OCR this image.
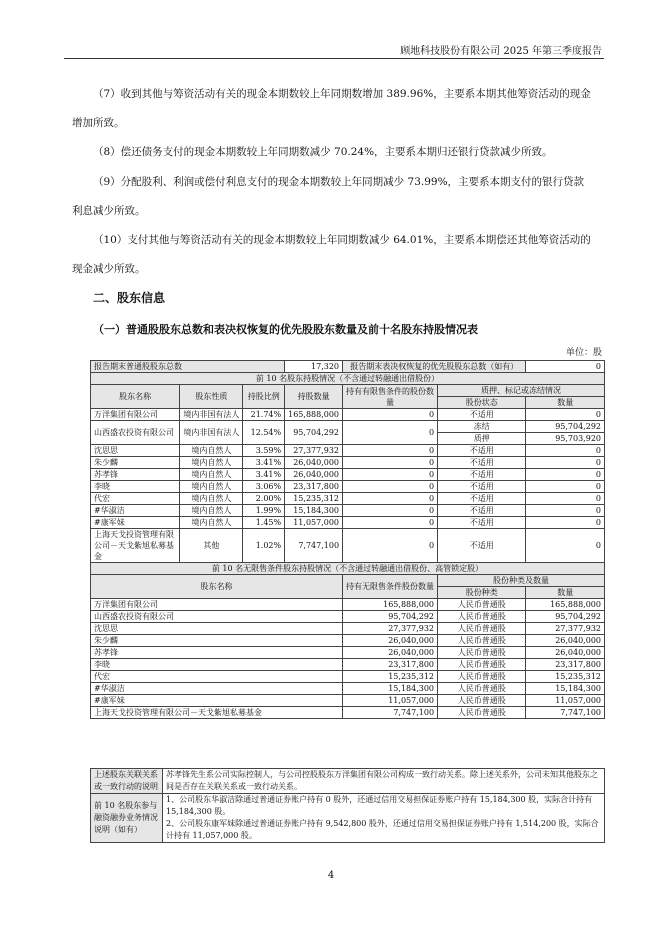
顾地科技股份有限公司 2025 年第三季度报告
（7）收到其他与筹资活动有关的现金本期数较上年同期数增加 389.96%，主要系本期其他筹资活动的现金增加所致。
（8）偿还债务支付的现金本期数较上年同期数减少 70.24%，主要系本期归还银行贷款减少所致。
（9）分配股利、利润或偿付利息支付的现金本期数较上年同期减少 73.99%，主要系本期支付的银行贷款利息减少所致。
（10）支付其他与筹资活动有关的现金本期数较上年同期数减少 64.01%，主要系本期偿还其他筹资活动的现金减少所致。
二、股东信息
（一）普通股股东总数和表决权恢复的优先股股东数量及前十名股东持股情况表
单位：股
报告期末普通股股东总数			17,320	报告期末表决权恢复的优先股股东总数（如有）		0
前 10 名股东持股情况（不含通过转融通出借股份）						
股东名称	股东性质	持股比例	持股数量	持有有限售条件的股份数量	质押、标记或冻结情况	
					股份状态	数量
万洋集团有限公司	境内非国有法人	21.74%	165,888,000	0	不适用	0
山西盛农投资有限公司	境内非国有法人	12.54%	95,704,292	0	冻结	95,704,292
					质押	95,703,920
沈思思	境内自然人	3.59%	27,377,932	0	不适用	0
朱少麟	境内自然人	3.41%	26,040,000	0	不适用	0
苏孝锋	境内自然人	3.41%	26,040,000	0	不适用	0
李晓	境内自然人	3.06%	23,317,800	0	不适用	0
代宏	境内自然人	2.00%	15,235,312	0	不适用	0
#华淑洁	境内自然人	1.99%	15,184,300	0	不适用	0
#康军妹	境内自然人	1.45%	11,057,000	0	不适用	0
上海天戈投资管理有限公司－天戈紫旭私募基金	其他	1.02%	7,747,100	0	不适用	0
前 10 名无限售条件股东持股情况（不含通过转融通出借股份、高管锁定股）						
股东名称				持有无限售条件股份数量	股份种类及数量	
					股份种类	数量
万洋集团有限公司				165,888,000	人民币普通股	165,888,000
山西盛农投资有限公司				95,704,292	人民币普通股	95,704,292
沈思思				27,377,932	人民币普通股	27,377,932
朱少麟				26,040,000	人民币普通股	26,040,000
苏孝锋				26,040,000	人民币普通股	26,040,000
李晓				23,317,800	人民币普通股	23,317,800
代宏				15,235,312	人民币普通股	15,235,312
#华淑洁				15,184,300	人民币普通股	15,184,300
#康军妹				11,057,000	人民币普通股	11,057,000
上海天戈投资管理有限公司－天戈紫旭私募基金				7,747,100	人民币普通股	7,747,100
上述股东关联关系或一致行动的说明	苏孝锋先生系公司实际控制人，与公司控股股东万洋集团有限公司构成一致行动关系。除上述关系外，公司未知其他股东之间是否存在关联关系或一致行动关系。
前 10 名股东参与融资融券业务情况说明（如有）	1、公司股东华淑洁除通过普通证券账户持有 0 股外，还通过信用交易担保证券账户持有 15,184,300 股，实际合计持有 15,184,300 股。
2、公司股东康军妹除通过普通证券账户持有 9,542,800 股外，还通过信用交易担保证券账户持有 1,514,200 股，实际合计持有 11,057,000 股。
4
